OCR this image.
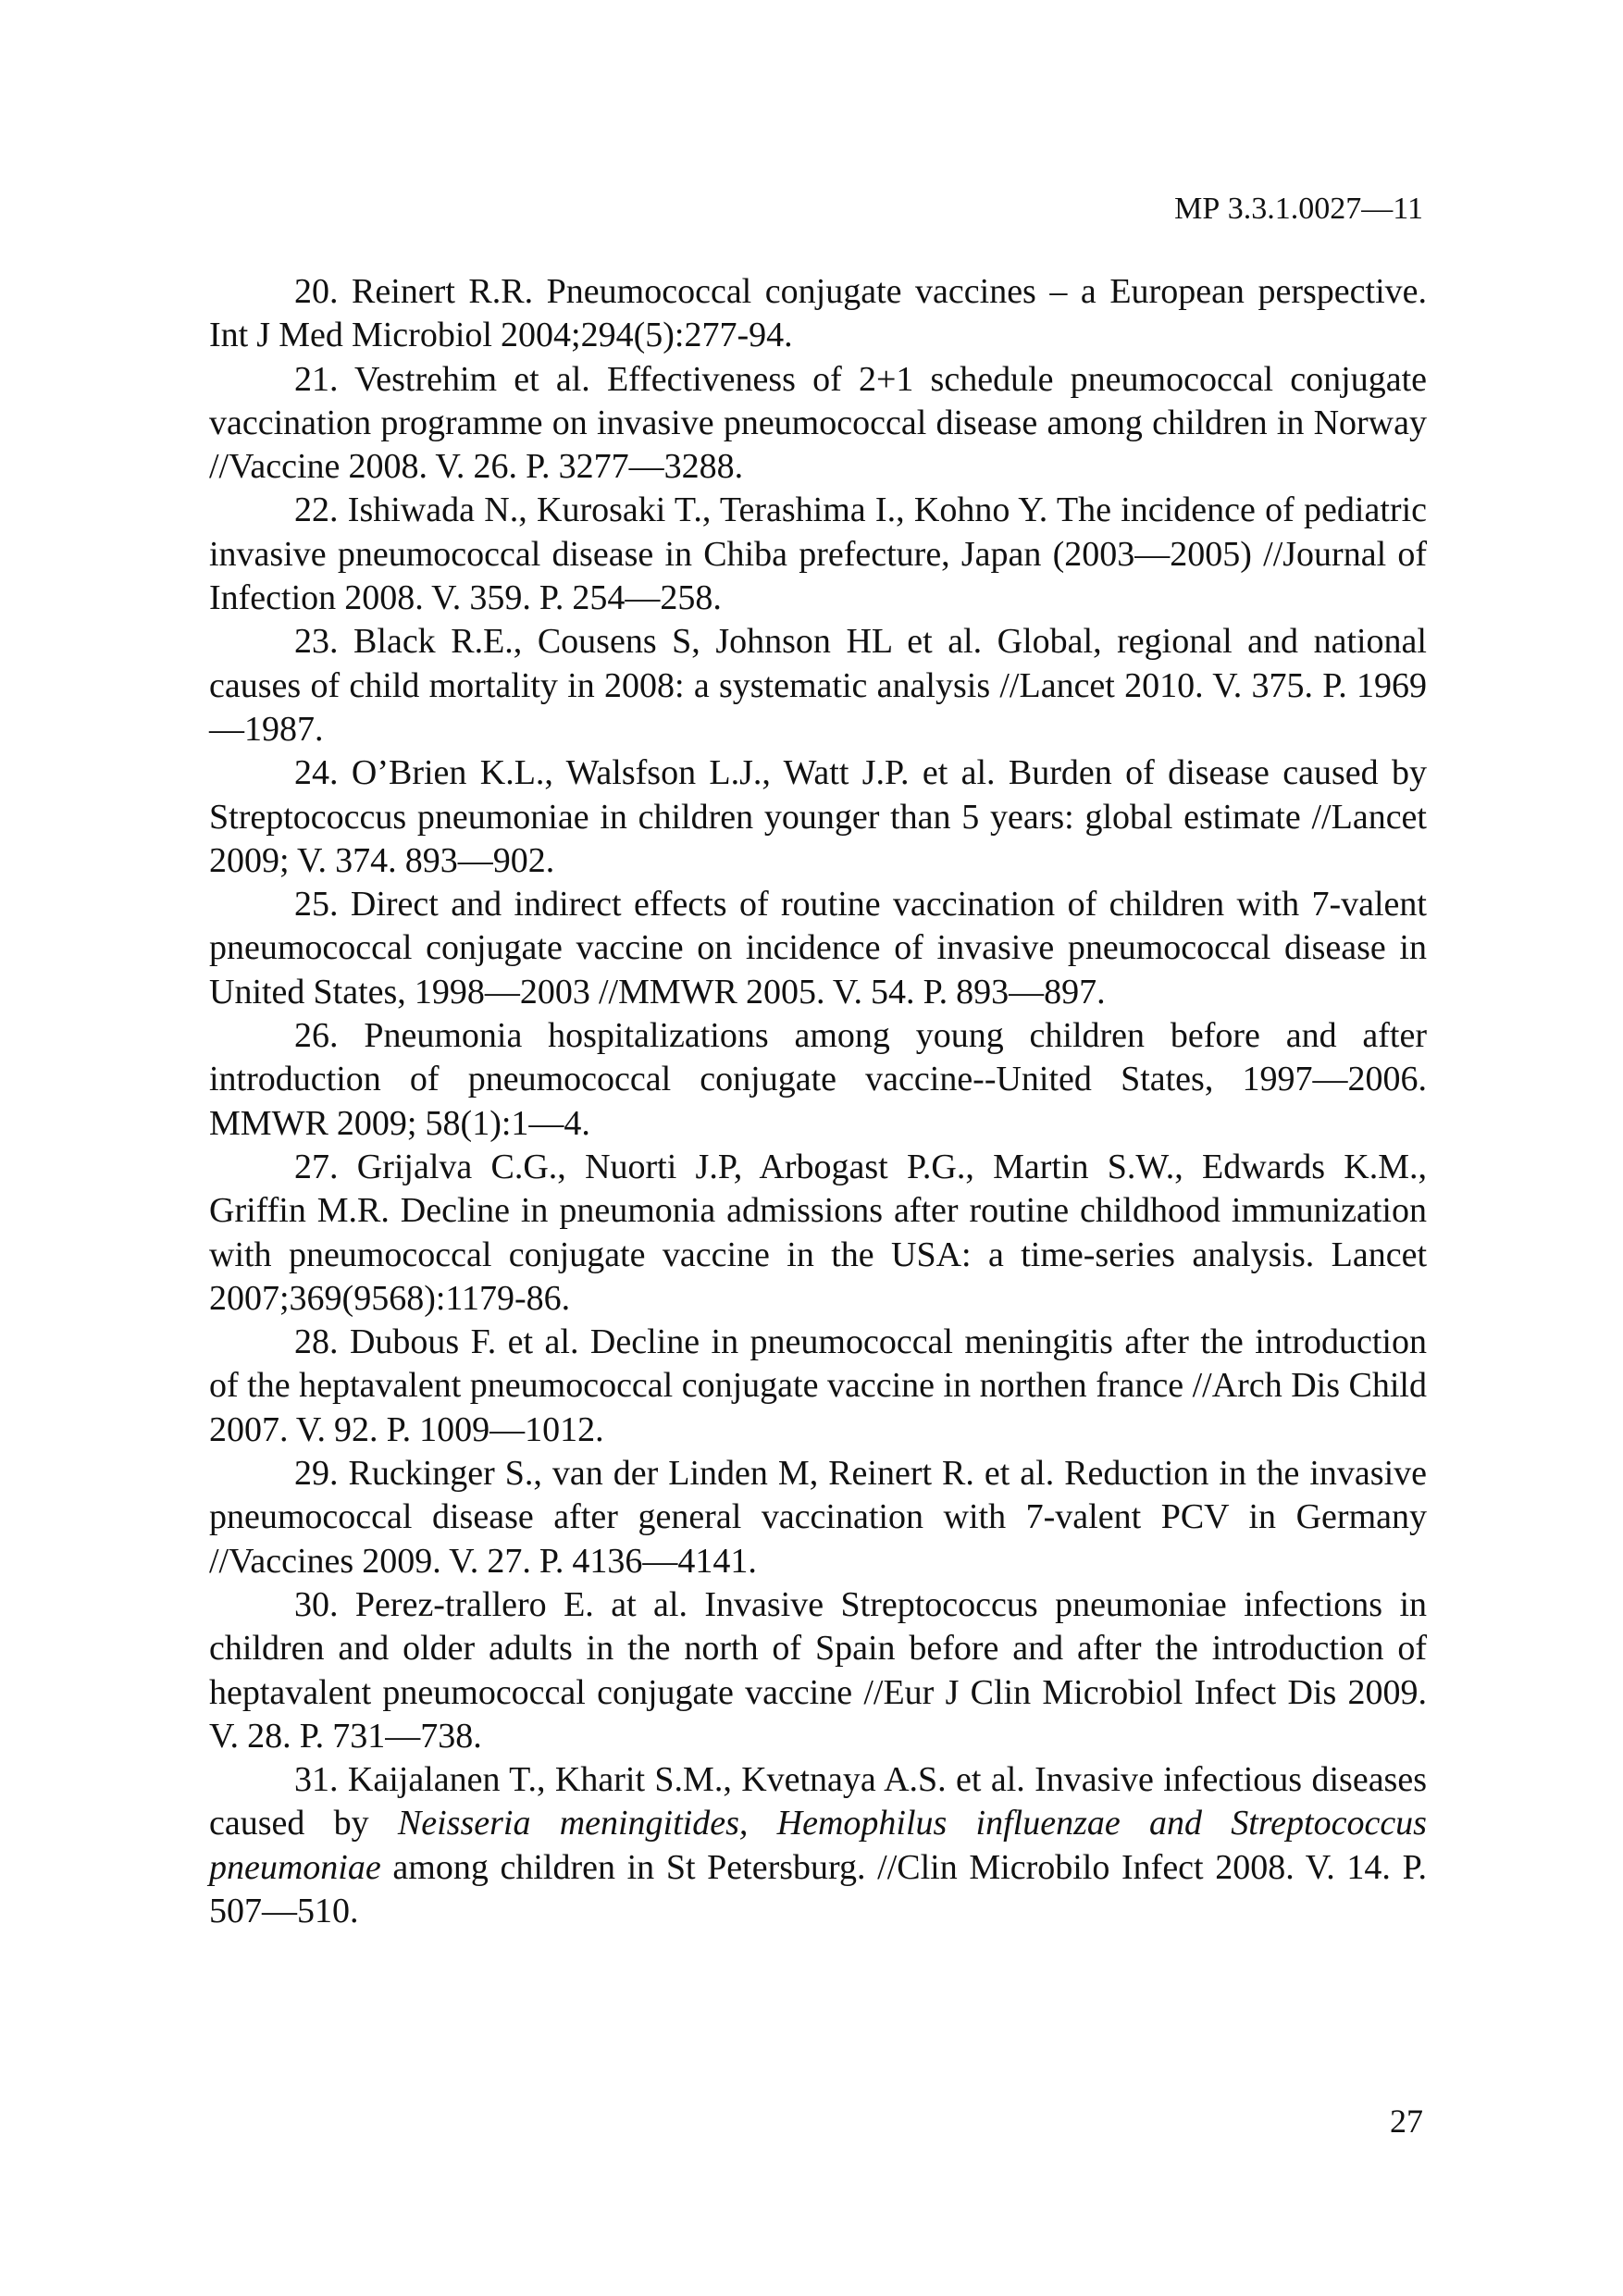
МР 3.3.1.0027—11

20. Reinert R.R. Pneumococcal conjugate vaccines – a European perspective. Int J Med Microbiol 2004;294(5):277-94.

21. Vestrehim et al. Effectiveness of 2+1 schedule pneumococcal conjugate vaccination programme on invasive pneumococcal disease among children in Norway //Vaccine 2008. V. 26. P. 3277—3288.

22. Ishiwada N., Kurosaki T., Terashima I., Kohno Y. The incidence of pediatric invasive pneumococcal disease in Chiba prefecture, Japan (2003—2005) //Journal of Infection 2008. V. 359. P. 254—258.

23. Black R.E., Cousens S, Johnson HL et al. Global, regional and national causes of child mortality in 2008: a systematic analysis //Lancet 2010. V. 375. P. 1969—1987.

24. O’Brien K.L., Walsfson L.J., Watt J.P. et al. Burden of disease caused by Streptococcus pneumoniae in children younger than 5 years: global estimate //Lancet 2009; V. 374. 893—902.

25. Direct and indirect effects of routine vaccination of children with 7-valent pneumococcal conjugate vaccine on incidence of invasive pneumococcal disease in United States, 1998—2003 //MMWR 2005. V. 54. P. 893—897.

26. Pneumonia hospitalizations among young children before and after introduction of pneumococcal conjugate vaccine--United States, 1997—2006. MMWR 2009; 58(1):1—4.

27. Grijalva C.G., Nuorti J.P, Arbogast P.G., Martin S.W., Edwards K.M., Griffin M.R. Decline in pneumonia admissions after routine childhood immunization with pneumococcal conjugate vaccine in the USA: a time-series analysis. Lancet 2007;369(9568):1179-86.

28. Dubous F. et al. Decline in pneumococcal meningitis after the introduction of the heptavalent pneumococcal conjugate vaccine in northen france //Arch Dis Child 2007. V. 92. P. 1009—1012.

29. Ruckinger S., van der Linden M, Reinert R. et al. Reduction in the invasive pneumococcal disease after general vaccination with 7-valent PCV in Germany //Vaccines 2009. V. 27. P. 4136—4141.

30. Perez-trallero E. at al. Invasive Streptococcus pneumoniae infections in children and older adults in the north of Spain before and after the introduction of heptavalent pneumococcal conjugate vaccine //Eur J Clin Microbiol Infect Dis 2009. V. 28. P. 731—738.

31. Kaijalanen T., Kharit S.M., Kvetnaya A.S. et al. Invasive infectious diseases caused by Neisseria meningitides, Hemophilus influenzae and Streptococcus pneumoniae among children in St Petersburg. //Clin Microbilo Infect 2008. V. 14. P. 507—510.

27
